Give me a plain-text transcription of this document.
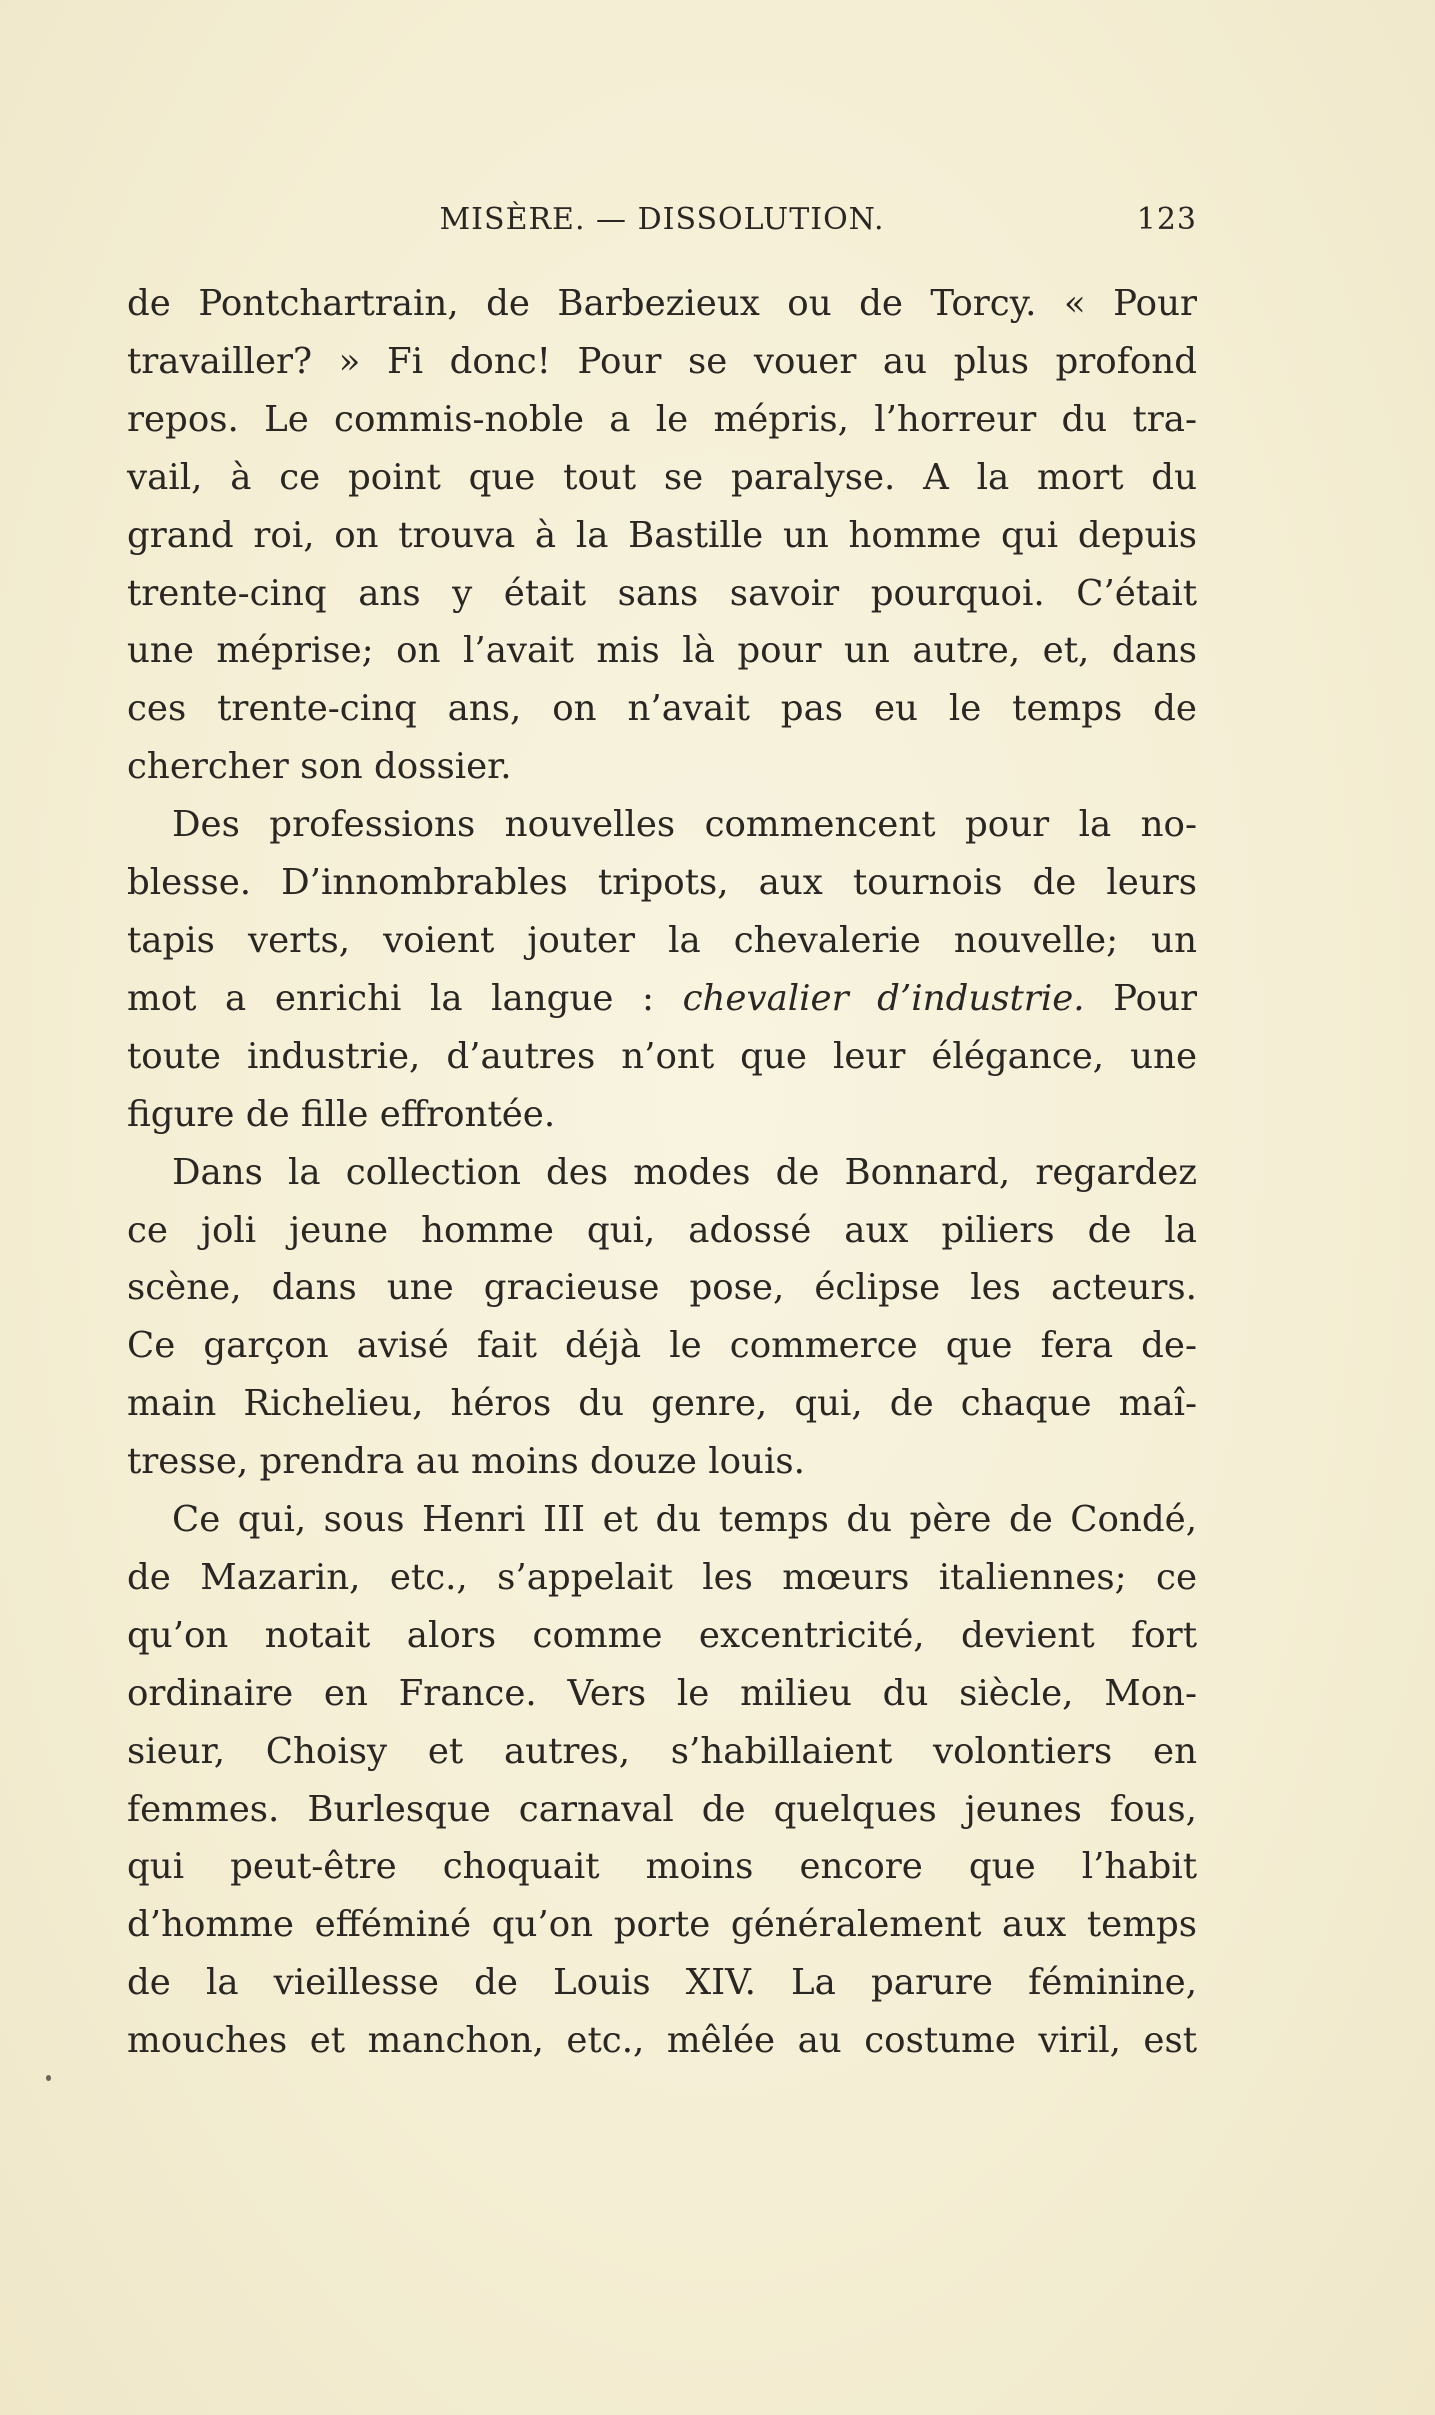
MISÈRE. — DISSOLUTION.	123

de Pontchartrain, de Barbezieux ou de Torcy. « Pour

travailler? » Fi donc! Pour se vouer au plus profond

repos. Le commis-noble a le mépris, l’horreur du tra-

vail, à ce point que tout se paralyse. A la mort du

grand roi, on trouva à la Bastille un homme qui depuis

trente-cinq ans y était sans savoir pourquoi. C’était

une méprise; on l’avait mis là pour un autre, et, dans

ces trente-cinq ans, on n’avait pas eu le temps de

chercher son dossier.

Des professions nouvelles commencent pour la no-

blesse. D’innombrables tripots, aux tournois de leurs

tapis verts, voient jouter la chevalerie nouvelle; un

mot a enrichi la langue : chevalier d’industrie. Pour

toute industrie, d’autres n’ont que leur élégance, une

figure de fille effrontée.

Dans la collection des modes de Bonnard, regardez

ce joli jeune homme qui, adossé aux piliers de la

scène, dans une gracieuse pose, éclipse les acteurs.

Ce garçon avisé fait déjà le commerce que fera de-

main Richelieu, héros du genre, qui, de chaque maî-

tresse, prendra au moins douze louis.

Ce qui, sous Henri III et du temps du père de Condé,

de Mazarin, etc., s’appelait les mœurs italiennes; ce

qu’on notait alors comme excentricité, devient fort

ordinaire en France. Vers le milieu du siècle, Mon-

sieur, Choisy et autres, s’habillaient volontiers en

femmes. Burlesque carnaval de quelques jeunes fous,

qui peut-être choquait moins encore que l’habit

d’homme efféminé qu’on porte généralement aux temps

de la vieillesse de Louis XIV. La parure féminine,

mouches et manchon, etc., mêlée au costume viril, est
